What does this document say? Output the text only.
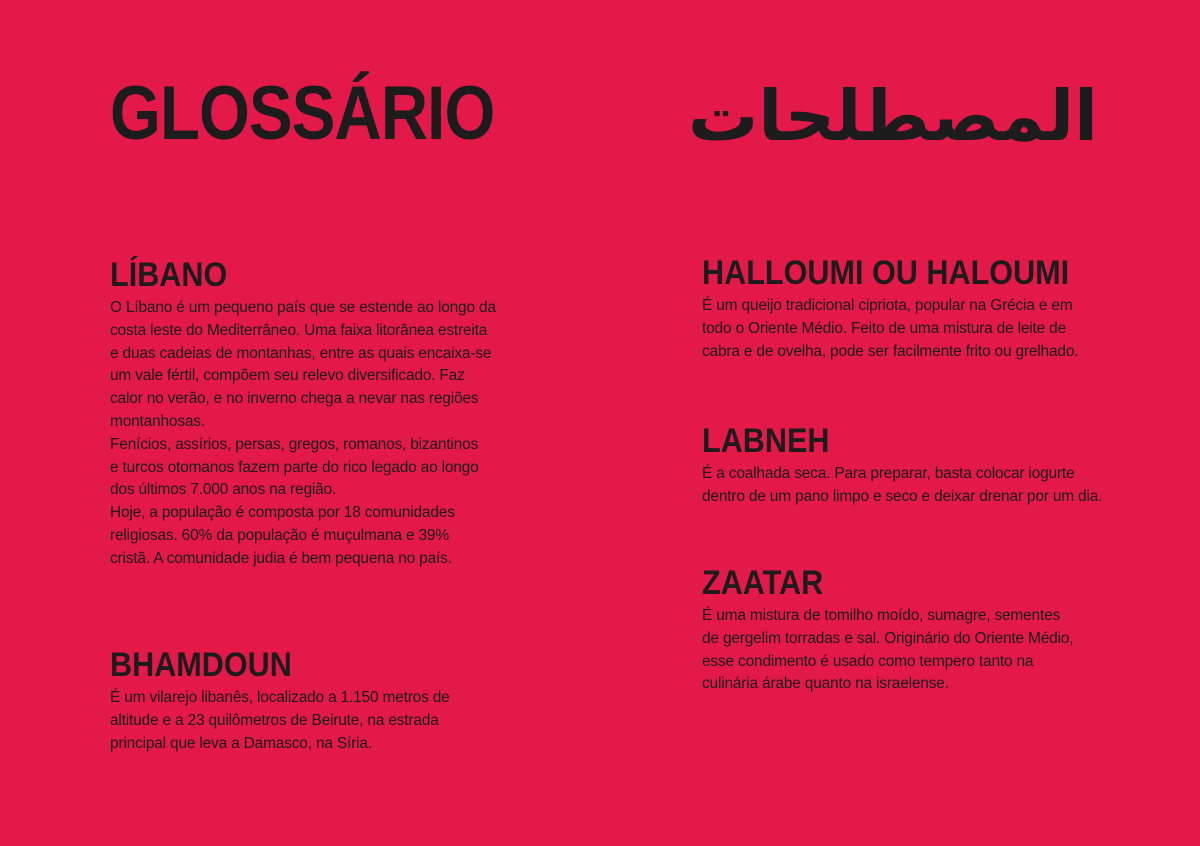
GLOSSÁRIO	المصطلحات
LÍBANO

O Líbano é um pequeno país que se estende ao longo da
costa leste do Mediterrâneo. Uma faixa litorânea estreita
e duas cadeias de montanhas, entre as quais encaixa-se
um vale fértil, compõem seu relevo diversificado. Faz
calor no verão, e no inverno chega a nevar nas regiões
montanhosas.
Fenícios, assírios, persas, gregos, romanos, bizantinos
e turcos otomanos fazem parte do rico legado ao longo
dos últimos 7.000 anos na região.
Hoje, a população é composta por 18 comunidades
religiosas. 60% da população é muçulmana e 39%
cristã. A comunidade judia é bem pequena no país.

BHAMDOUN

É um vilarejo libanês, localizado a 1.150 metros de
altitude e a 23 quilômetros de Beirute, na estrada
principal que leva a Damasco, na Síria.

HALLOUMI OU HALOUMI

É um queijo tradicional cipriota, popular na Grécia e em
todo o Oriente Médio. Feito de uma mistura de leite de
cabra e de ovelha, pode ser facilmente frito ou grelhado.

LABNEH

É a coalhada seca. Para preparar, basta colocar iogurte
dentro de um pano limpo e seco e deixar drenar por um dia.

ZAATAR

É uma mistura de tomilho moído, sumagre, sementes
de gergelim torradas e sal. Originário do Oriente Médio,
esse condimento é usado como tempero tanto na
culinária árabe quanto na israelense.
